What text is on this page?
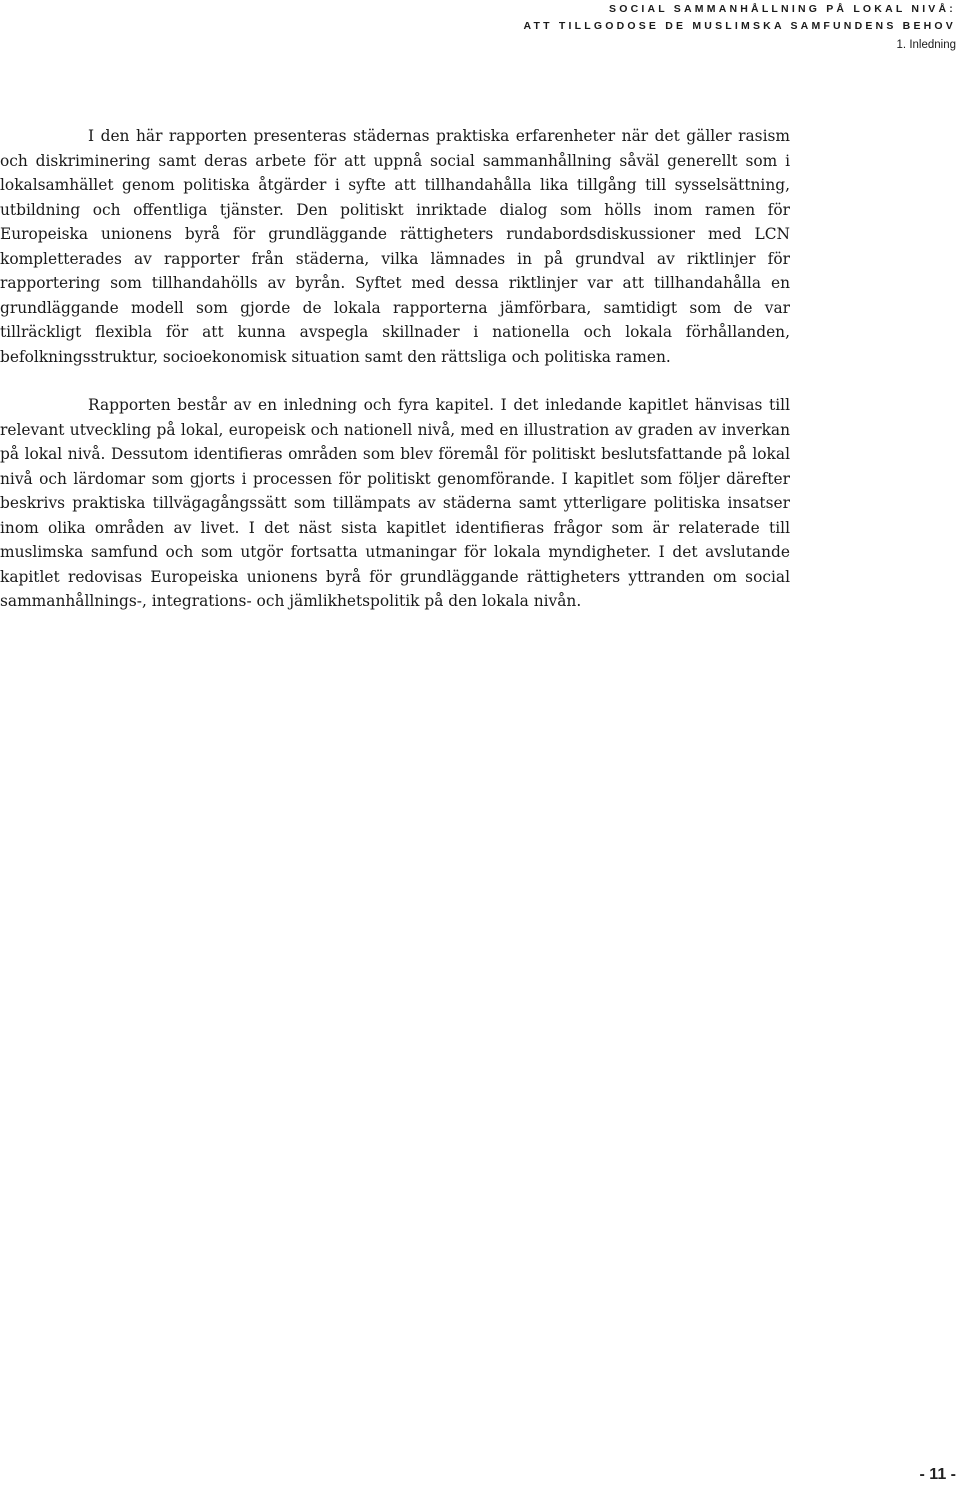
SOCIAL SAMMANHÅLLNING PÅ LOKAL NIVÅ:
ATT TILLGODOSE DE MUSLIMSKA SAMFUNDENS BEHOV
1. Inledning

I den här rapporten presenteras städernas praktiska erfarenheter när det gäller rasism och diskriminering samt deras arbete för att uppnå social sammanhållning såväl generellt som i lokalsamhället genom politiska åtgärder i syfte att tillhandahålla lika tillgång till sysselsättning, utbildning och offentliga tjänster. Den politiskt inriktade dialog som hölls inom ramen för Europeiska unionens byrå för grundläggande rättigheters rundabordsdiskussioner med LCN kompletterades av rapporter från städerna, vilka lämnades in på grundval av riktlinjer för rapportering som tillhandahölls av byrån. Syftet med dessa riktlinjer var att tillhandahålla en grundläggande modell som gjorde de lokala rapporterna jämförbara, samtidigt som de var tillräckligt flexibla för att kunna avspegla skillnader i nationella och lokala förhållanden, befolkningsstruktur, socioekonomisk situation samt den rättsliga och politiska ramen.

Rapporten består av en inledning och fyra kapitel. I det inledande kapitlet hänvisas till relevant utveckling på lokal, europeisk och nationell nivå, med en illustration av graden av inverkan på lokal nivå. Dessutom identifieras områden som blev föremål för politiskt beslutsfattande på lokal nivå och lärdomar som gjorts i processen för politiskt genomförande. I kapitlet som följer därefter beskrivs praktiska tillvägagångssätt som tillämpats av städerna samt ytterligare politiska insatser inom olika områden av livet. I det näst sista kapitlet identifieras frågor som är relaterade till muslimska samfund och som utgör fortsatta utmaningar för lokala myndigheter. I det avslutande kapitlet redovisas Europeiska unionens byrå för grundläggande rättigheters yttranden om social sammanhållnings-, integrations- och jämlikhetspolitik på den lokala nivån.

- 11 -
